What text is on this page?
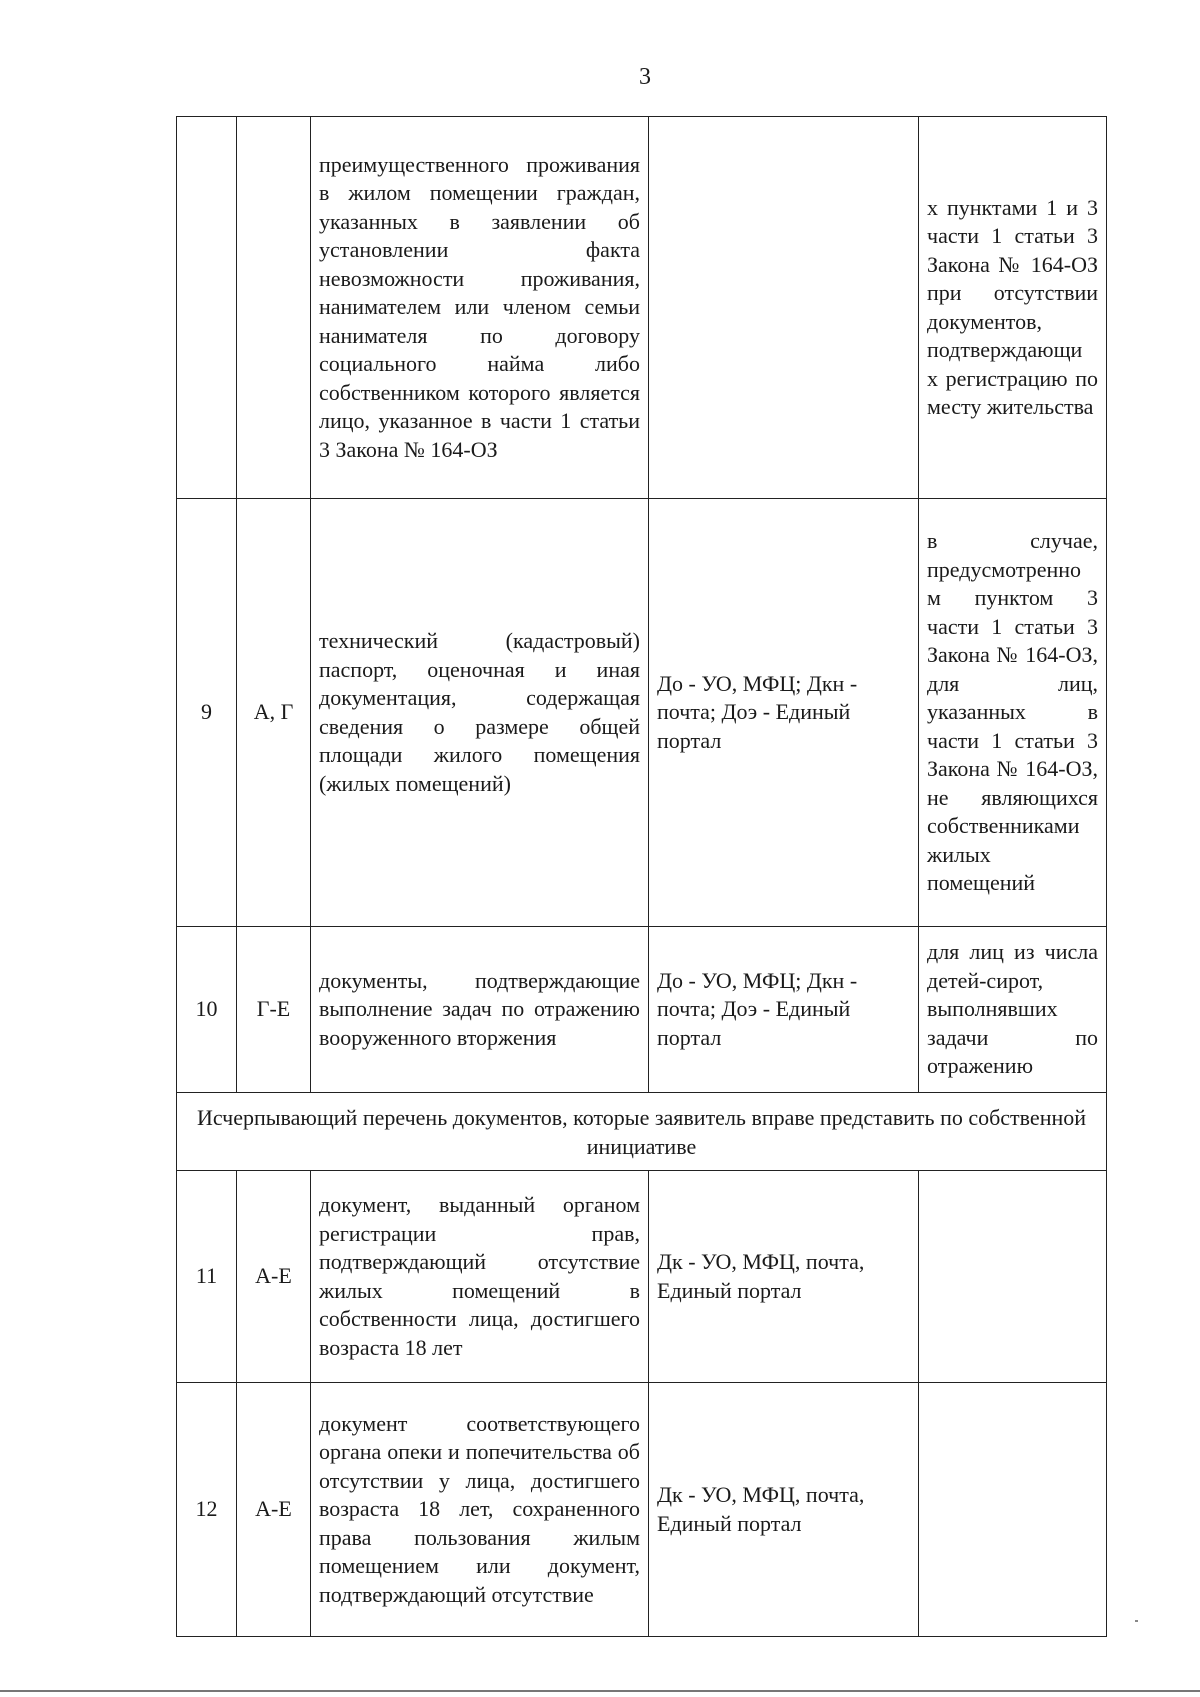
3
		преимущественного проживания в жилом помещении граждан, указанных в заявлении об установлении факта невозможности проживания, нанимателем или членом семьи нанимателя по договору социального найма либо собственником которого является лицо, указанное в части 1 статьи 3 Закона № 164-ОЗ		х пунктами 1 и 3 части 1 статьи 3 Закона № 164-ОЗ при отсутствии документов, подтверждающи х регистрацию по месту жительства
9	А, Г	технический (кадастровый) паспорт, оценочная и иная документация, содержащая сведения о размере общей площади жилого помещения (жилых помещений)	До - УО, МФЦ; Дкн - почта; Доэ - Единый портал	в случае, предусмотренно м пунктом 3 части 1 статьи 3 Закона № 164-ОЗ, для лиц, указанных в части 1 статьи 3 Закона № 164-ОЗ, не являющихся собственниками жилых помещений
10	Г-Е	документы, подтверждающие выполнение задач по отражению вооруженного вторжения	До - УО, МФЦ; Дкн - почта; Доэ - Единый портал	для лиц из числа детей-сирот, выполнявших задачи по отражению
Исчерпывающий перечень документов, которые заявитель вправе представить по собственной инициативе				
11	А-Е	документ, выданный органом регистрации прав, подтверждающий отсутствие жилых помещений в собственности лица, достигшего возраста 18 лет	Дк - УО, МФЦ, почта, Единый портал	
12	А-Е	документ соответствующего органа опеки и попечительства об отсутствии у лица, достигшего возраста 18 лет, сохраненного права пользования жилым помещением или документ, подтверждающий отсутствие	Дк - УО, МФЦ, почта, Единый портал	
